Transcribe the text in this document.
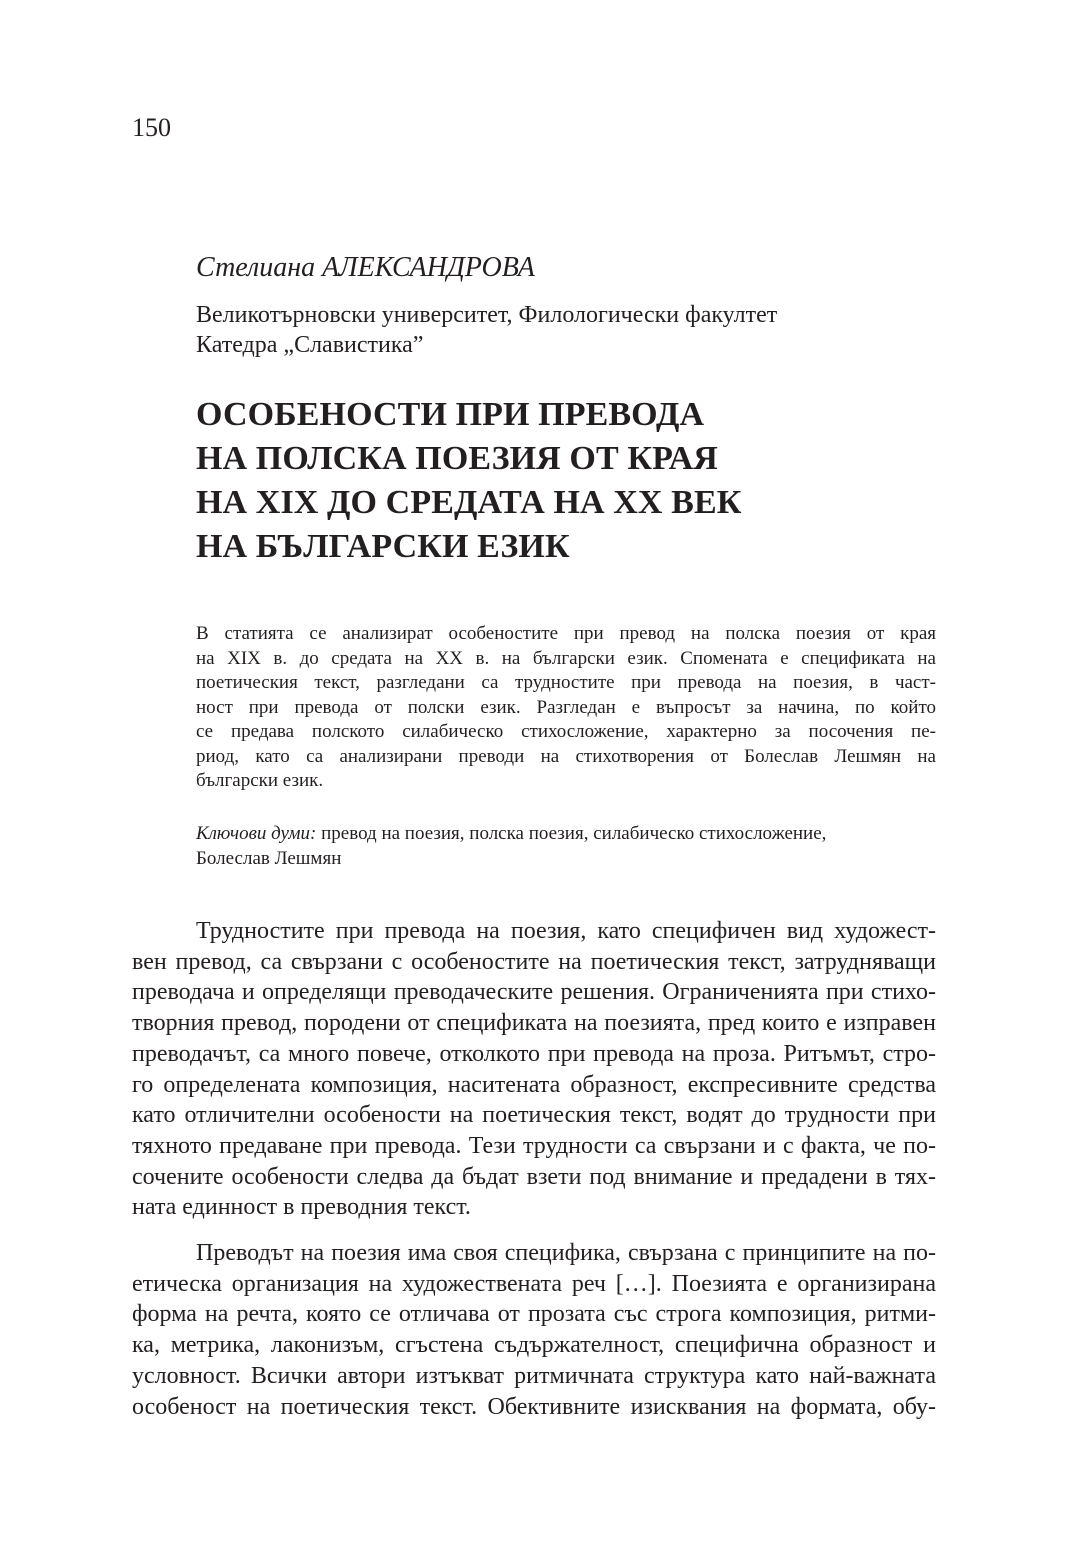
150

Стелиана АЛЕКСАНДРОВА

Великотърновски университет, Филологически факултет
Катедра „Славистика”
ОСОБЕНОСТИ ПРИ ПРЕВОДА
НА ПОЛСКА ПОЕЗИЯ ОТ КРАЯ
НА XIX ДО СРЕДАТА НА XX ВЕК
НА БЪЛГАРСКИ ЕЗИК
В статията се анализират особеностите при превод на полска поезия от края
на XIX в. до средата на XX в. на български език. Спомената е спецификата на
поетическия текст, разгледани са трудностите при превода на поезия, в част-
ност при превода от полски език. Разгледан е въпросът за начина, по който
се предава полското силабическо стихосложение, характерно за посочения пе-
риод, като са анализирани преводи на стихотворения от Болеслав Лешмян на
български език.
Ключови думи: превод на поезия, полска поезия, силабическо стихосложение,
Болеслав Лешмян
Трудностите при превода на поезия, като специфичен вид художест-
вен превод, са свързани с особеностите на поетическия текст, затрудняващи
преводача и определящи преводаческите решения. Ограниченията при стихо-
творния превод, породени от спецификата на поезията, пред които е изправен
преводачът, са много повече, отколкото при превода на проза. Ритъмът, стро-
го определената композиция, наситената образност, експресивните средства
като отличителни особености на поетическия текст, водят до трудности при
тяхното предаване при превода. Тези трудности са свързани и с факта, че по-
сочените особености следва да бъдат взети под внимание и предадени в тях-
ната единност в преводния текст.
Преводът на поезия има своя специфика, свързана с принципите на по-
етическа организация на художествената реч […]. Поезията е организирана
форма на речта, която се отличава от прозата със строга композиция, ритми-
ка, метрика, лаконизъм, сгъстена съдържателност, специфична образност и
условност. Всички автори изтъкват ритмичната структура като най-важната
особеност на поетическия текст. Обективните изисквания на формата, обу-
